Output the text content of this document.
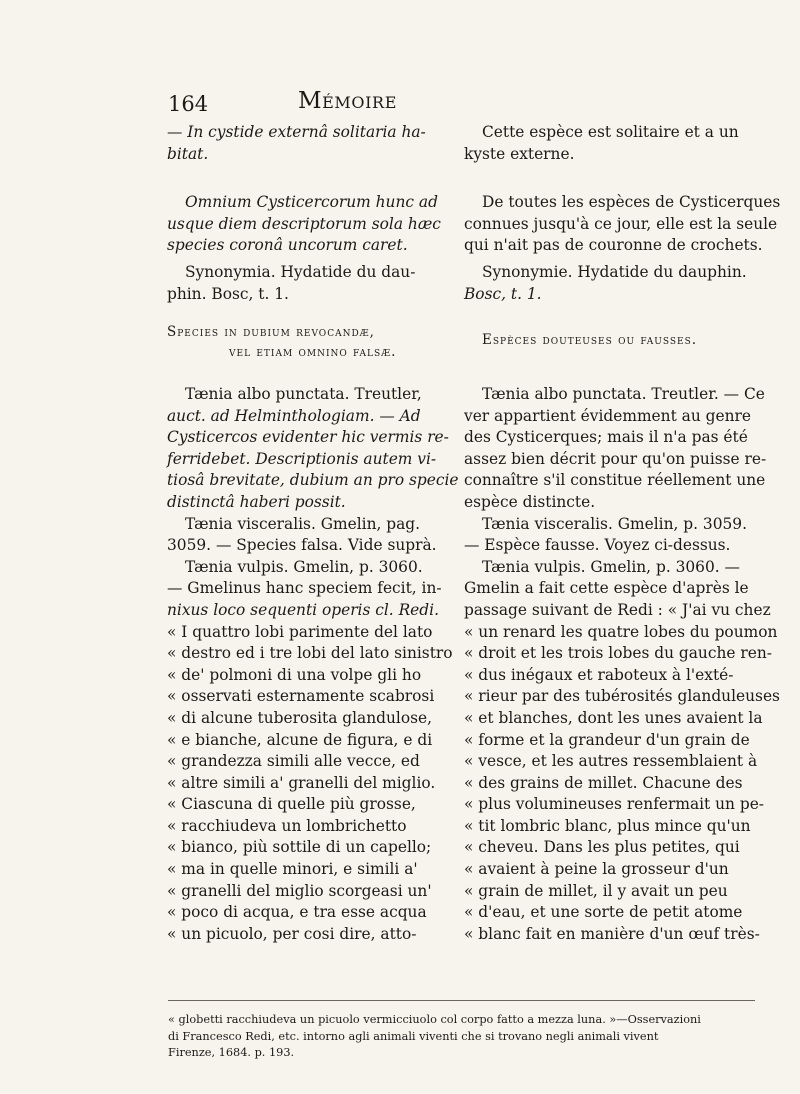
164	Mémoire
— In cystide externâ solitaria ha-
bitat.
Omnium Cysticercorum hunc ad
usque diem descriptorum sola hæc
species coronâ uncorum caret.
Synonymia. Hydatide du dau-
phin. Bosc, t. 1.
Species in dubium revocandæ,
vel etiam omnino falsæ.
Tænia albo punctata. Treutler,
auct. ad Helminthologiam. — Ad
Cysticercos evidenter hic vermis re-
ferridebet. Descriptionis autem vi-
tiosâ brevitate, dubium an pro specie
distinctâ haberi possit.
Tænia visceralis. Gmelin, pag.
3059. — Species falsa. Vide suprà.
Tænia vulpis. Gmelin, p. 3060.
— Gmelinus hanc speciem fecit, in-
nixus loco sequenti operis cl. Redi.
« I quattro lobi parimente del lato
« destro ed i tre lobi del lato sinistro
« de' polmoni di una volpe gli ho
« osservati esternamente scabrosi
« di alcune tuberosita glandulose,
« e bianche, alcune de figura, e di
« grandezza simili alle vecce, ed
« altre simili a' granelli del miglio.
« Ciascuna di quelle più grosse,
« racchiudeva un lombrichetto
« bianco, più sottile di un capello;
« ma in quelle minori, e simili a'
« granelli del miglio scorgeasi un'
« poco di acqua, e tra esse acqua
« un picuolo, per cosi dire, atto-
Cette espèce est solitaire et a un
kyste externe.
De toutes les espèces de Cysticerques
connues jusqu'à ce jour, elle est la seule
qui n'ait pas de couronne de crochets.
Synonymie. Hydatide du dauphin.
Bosc, t. 1.
Espèces douteuses ou fausses.
Tænia albo punctata. Treutler. — Ce
ver appartient évidemment au genre
des Cysticerques; mais il n'a pas été
assez bien décrit pour qu'on puisse re-
connaître s'il constitue réellement une
espèce distincte.
Tænia visceralis. Gmelin, p. 3059.
— Espèce fausse. Voyez ci-dessus.
Tænia vulpis. Gmelin, p. 3060. —
Gmelin a fait cette espèce d'après le
passage suivant de Redi : « J'ai vu chez
« un renard les quatre lobes du poumon
« droit et les trois lobes du gauche ren-
« dus inégaux et raboteux à l'exté-
« rieur par des tubérosités glanduleuses
« et blanches, dont les unes avaient la
« forme et la grandeur d'un grain de
« vesce, et les autres ressemblaient à
« des grains de millet. Chacune des
« plus volumineuses renfermait un pe-
« tit lombric blanc, plus mince qu'un
« cheveu. Dans les plus petites, qui
« avaient à peine la grosseur d'un
« grain de millet, il y avait un peu
« d'eau, et une sorte de petit atome
« blanc fait en manière d'un œuf très-
« globetti racchiudeva un picuolo vermicciuolo col corpo fatto a mezza luna. »—Osservazioni
di Francesco Redi, etc. intorno agli animali viventi che si trovano negli animali vivent
Firenze, 1684. p. 193.
